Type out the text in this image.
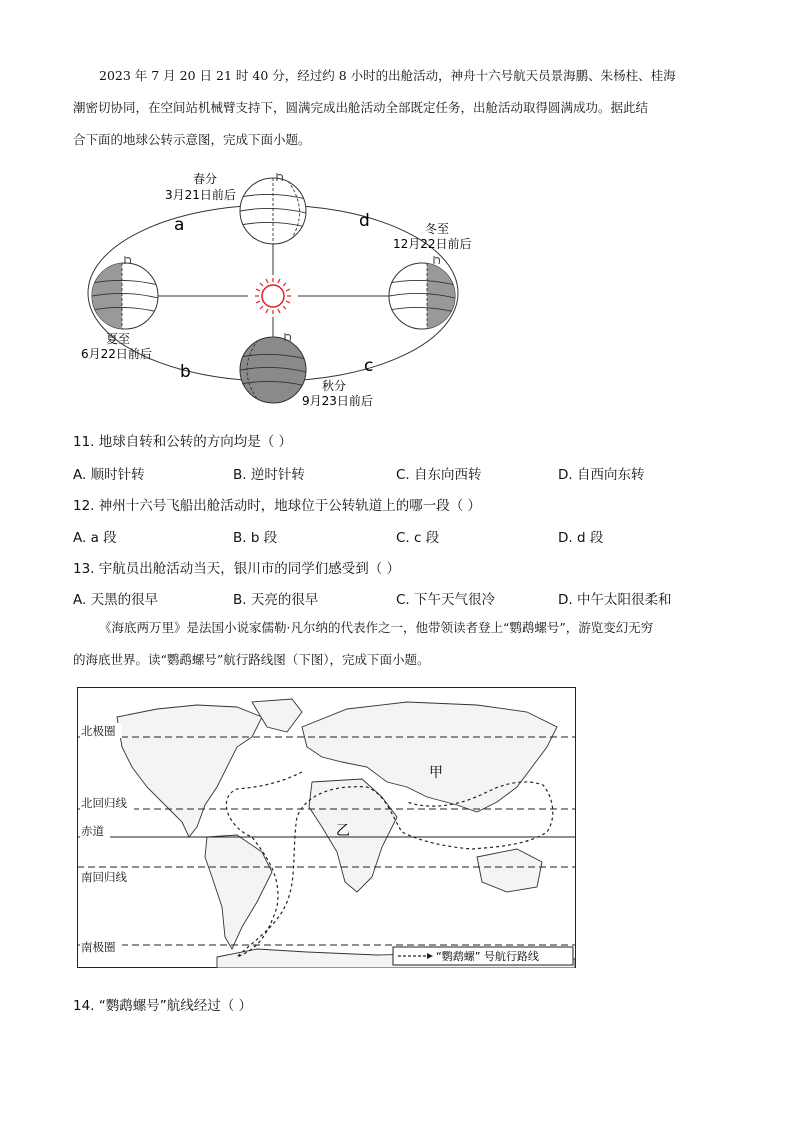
2023 年 7 月 20 日 21 时 40 分，经过约 8 小时的出舱活动，神舟十六号航天员景海鹏、朱杨柱、桂海
潮密切协同，在空间站机械臂支持下，圆满完成出舱活动全部既定任务，出舱活动取得圆满成功。据此结
合下面的地球公转示意图，完成下面小题。
春分
3月21日前后
冬至
12月22日前后
夏至
6月22日前后
秋分
9月23日前后
a	d
b	c
11. 地球自转和公转的方向均是（ ）
A. 顺时针转	B. 逆时针转	C. 自东向西转	D. 自西向东转
12. 神州十六号飞船出舱活动时，地球位于公转轨道上的哪一段（ ）
A. a 段	B. b 段	C. c 段	D. d 段
13. 宇航员出舱活动当天，银川市的同学们感受到（ ）
A. 天黑的很早	B. 天亮的很早	C. 下午天气很冷	D. 中午太阳很柔和
《海底两万里》是法国小说家儒勒·凡尔纳的代表作之一，他带领读者登上“鹦鹉螺号”，游览变幻无穷
的海底世界。读“鹦鹉螺号”航行路线图（下图），完成下面小题。
北极圈
北回归线
赤道
南回归线
南极圈
甲
乙
“鹦鹉螺” 号航行路线
14. “鹦鹉螺号”航线经过（ ）
